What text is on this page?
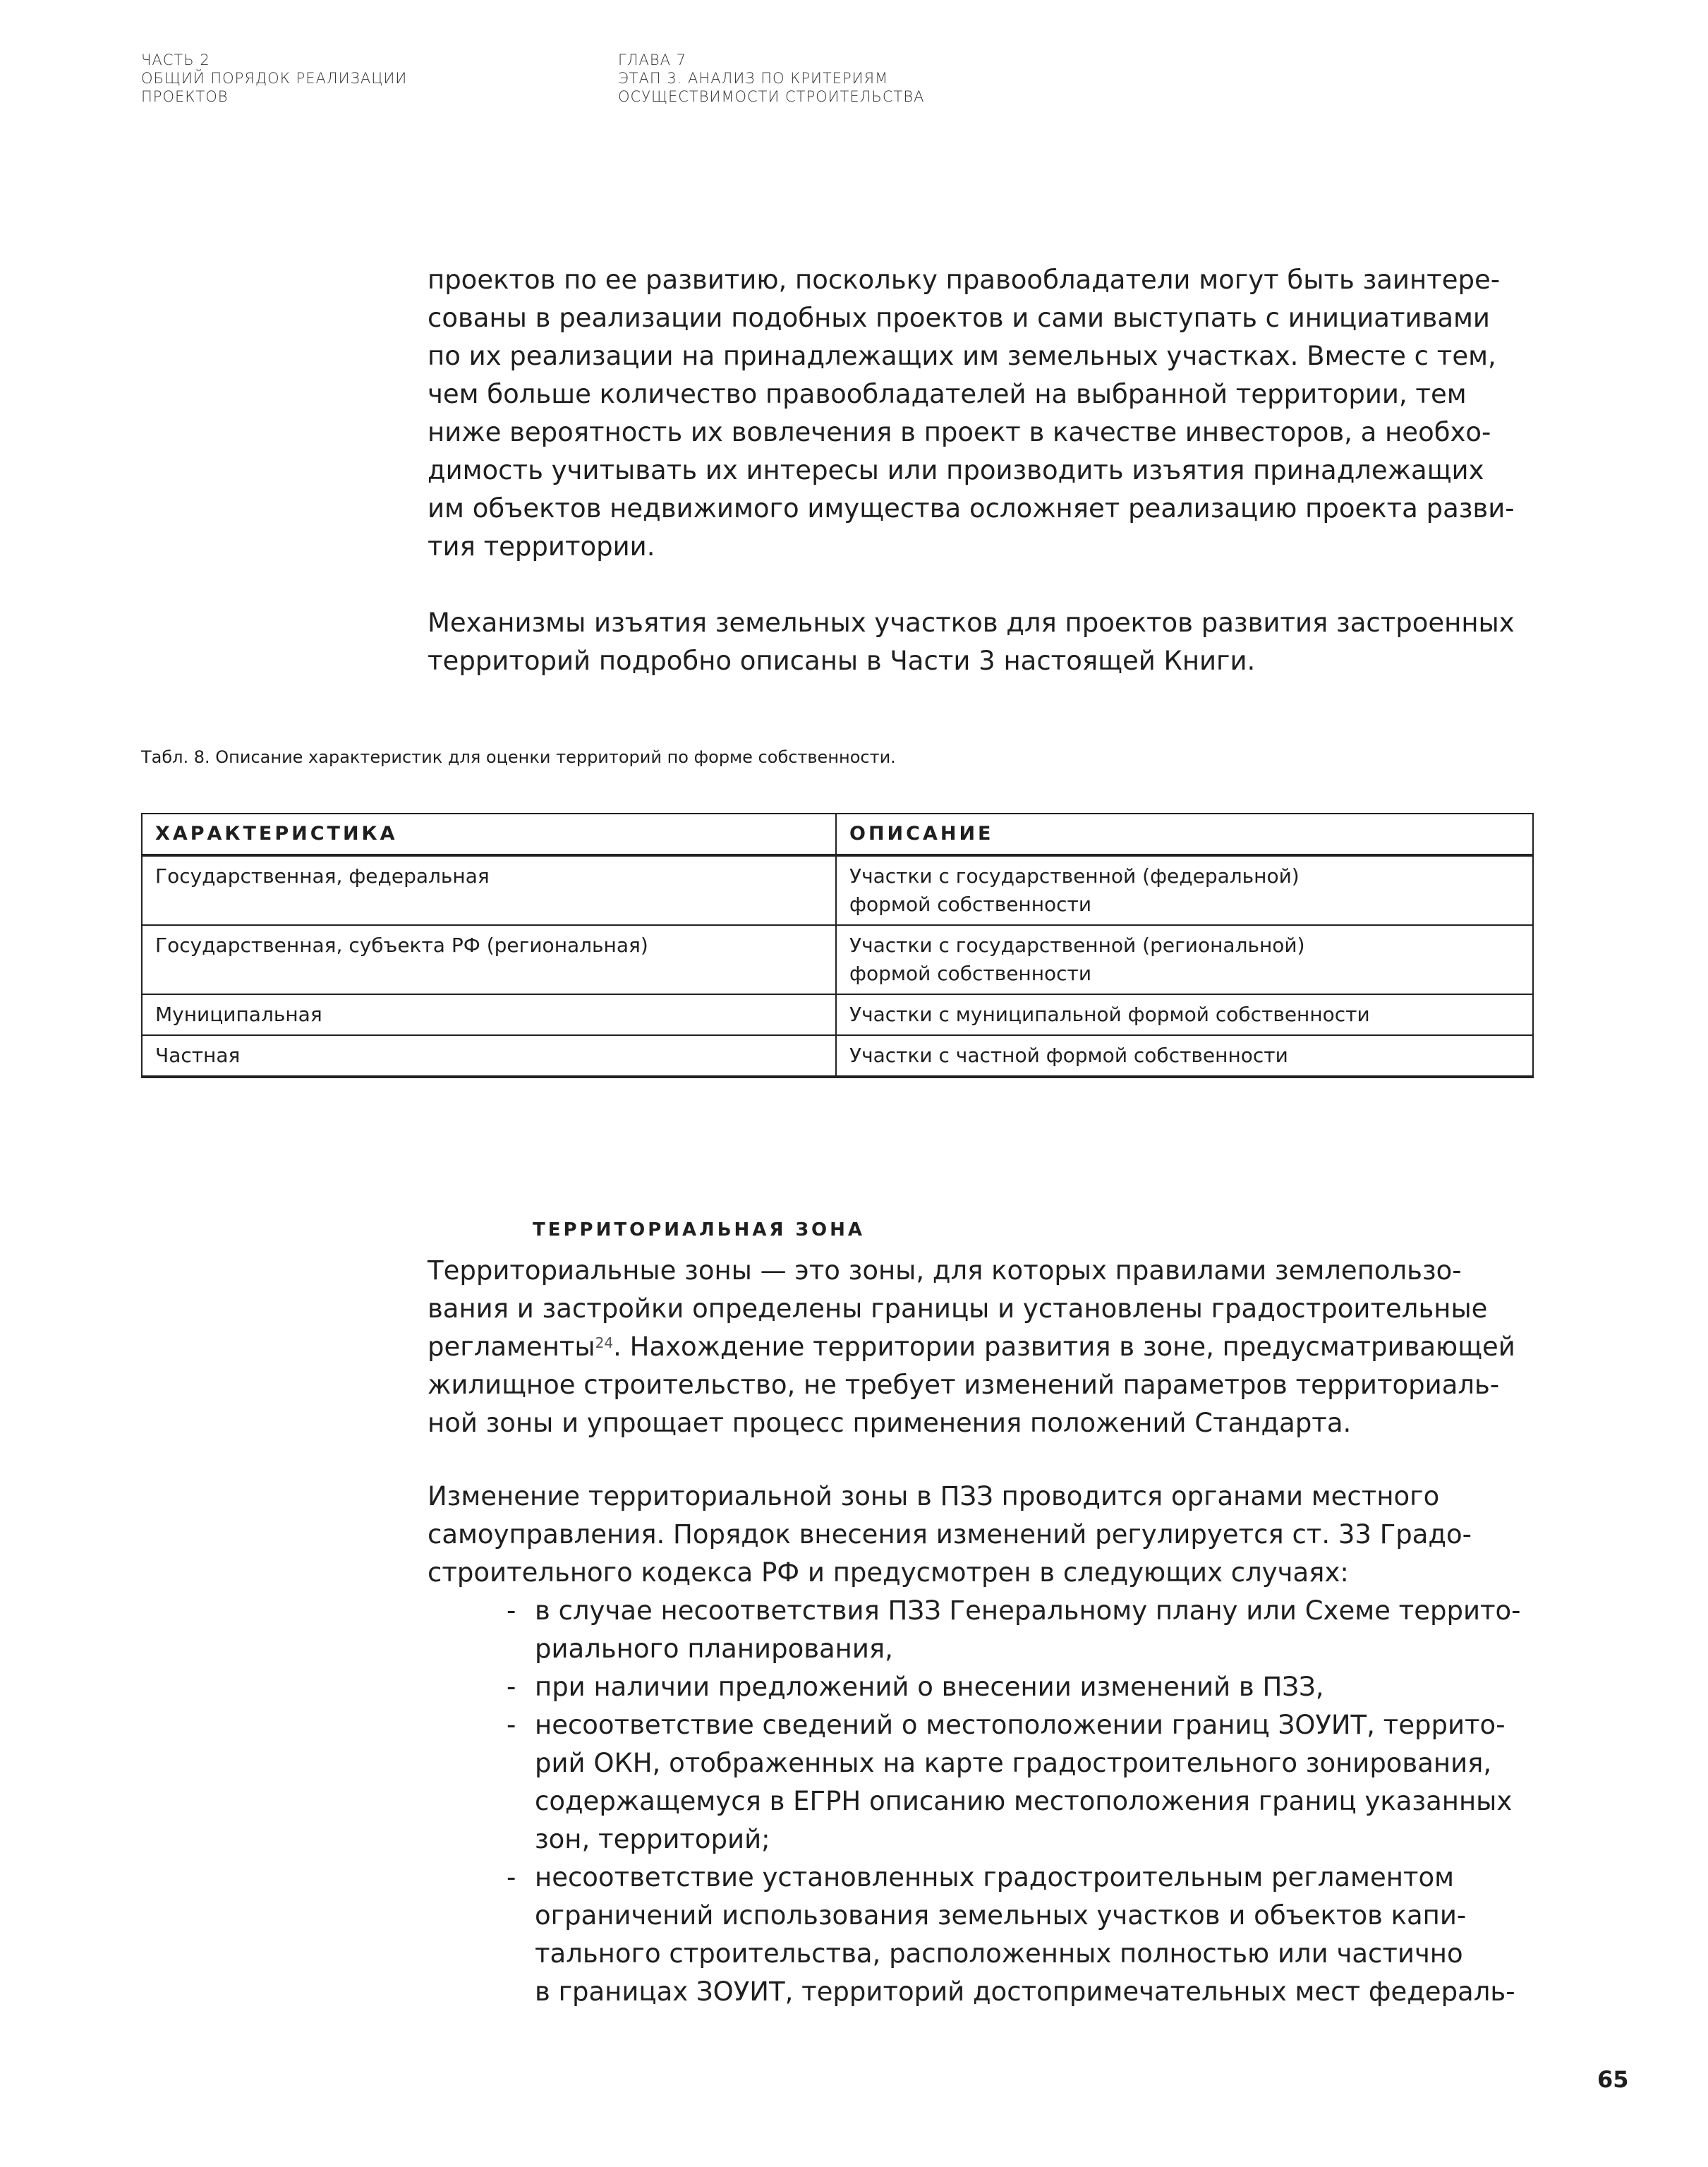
ЧАСТЬ 2
ОБЩИЙ ПОРЯДОК РЕАЛИЗАЦИИ
ПРОЕКТОВ
ГЛАВА 7
ЭТАП 3. АНАЛИЗ ПО КРИТЕРИЯМ
ОСУЩЕСТВИМОСТИ СТРОИТЕЛЬСТВА

проектов по ее развитию, поскольку правообладатели могут быть заинтере-

сованы в реализации подобных проектов и сами выступать с инициативами

по их реализации на принадлежащих им земельных участках. Вместе с тем,

чем больше количество правообладателей на выбранной территории, тем

ниже вероятность их вовлечения в проект в качестве инвесторов, а необхо-

димость учитывать их интересы или производить изъятия принадлежащих

им объектов недвижимого имущества осложняет реализацию проекта разви-

тия территории.

Механизмы изъятия земельных участков для проектов развития застроенных

территорий подробно описаны в Части 3 настоящей Книги.

Табл. 8. Описание характеристик для оценки территорий по форме собственности.
ХАРАКТЕРИСТИКА	ОПИСАНИЕ
Государственная, федеральная	Участки с государственной (федеральной)
формой собственности

Государственная, субъекта РФ (региональная)	Участки с государственной (региональной)
формой собственности

Муниципальная	Участки с муниципальной формой собственности

Частная	Участки с частной формой собственности
ТЕРРИТОРИАЛЬНАЯ ЗОНА

Территориальные зоны — это зоны, для которых правилами землепользо-

вания и застройки определены границы и установлены градостроительные

регламенты$^{24}$. Нахождение территории развития в зоне, предусматривающей

жилищное строительство, не требует изменений параметров территориаль-

ной зоны и упрощает процесс применения положений Стандарта.

Изменение территориальной зоны в ПЗЗ проводится органами местного

самоуправления. Порядок внесения изменений регулируется ст. 33 Градо-

строительного кодекса РФ и предусмотрен в следующих случаях:

- в случае несоответствия ПЗЗ Генеральному плану или Схеме террито-
риального планирования,
- при наличии предложений о внесении изменений в ПЗЗ,
- несоответствие сведений о местоположении границ ЗОУИТ, террито-
рий ОКН, отображенных на карте градостроительного зонирования,
содержащемуся в ЕГРН описанию местоположения границ указанных
зон, территорий;
- несоответствие установленных градостроительным регламентом
ограничений использования земельных участков и объектов капи-
тального строительства, расположенных полностью или частично
в границах ЗОУИТ, территорий достопримечательных мест федераль-
65
